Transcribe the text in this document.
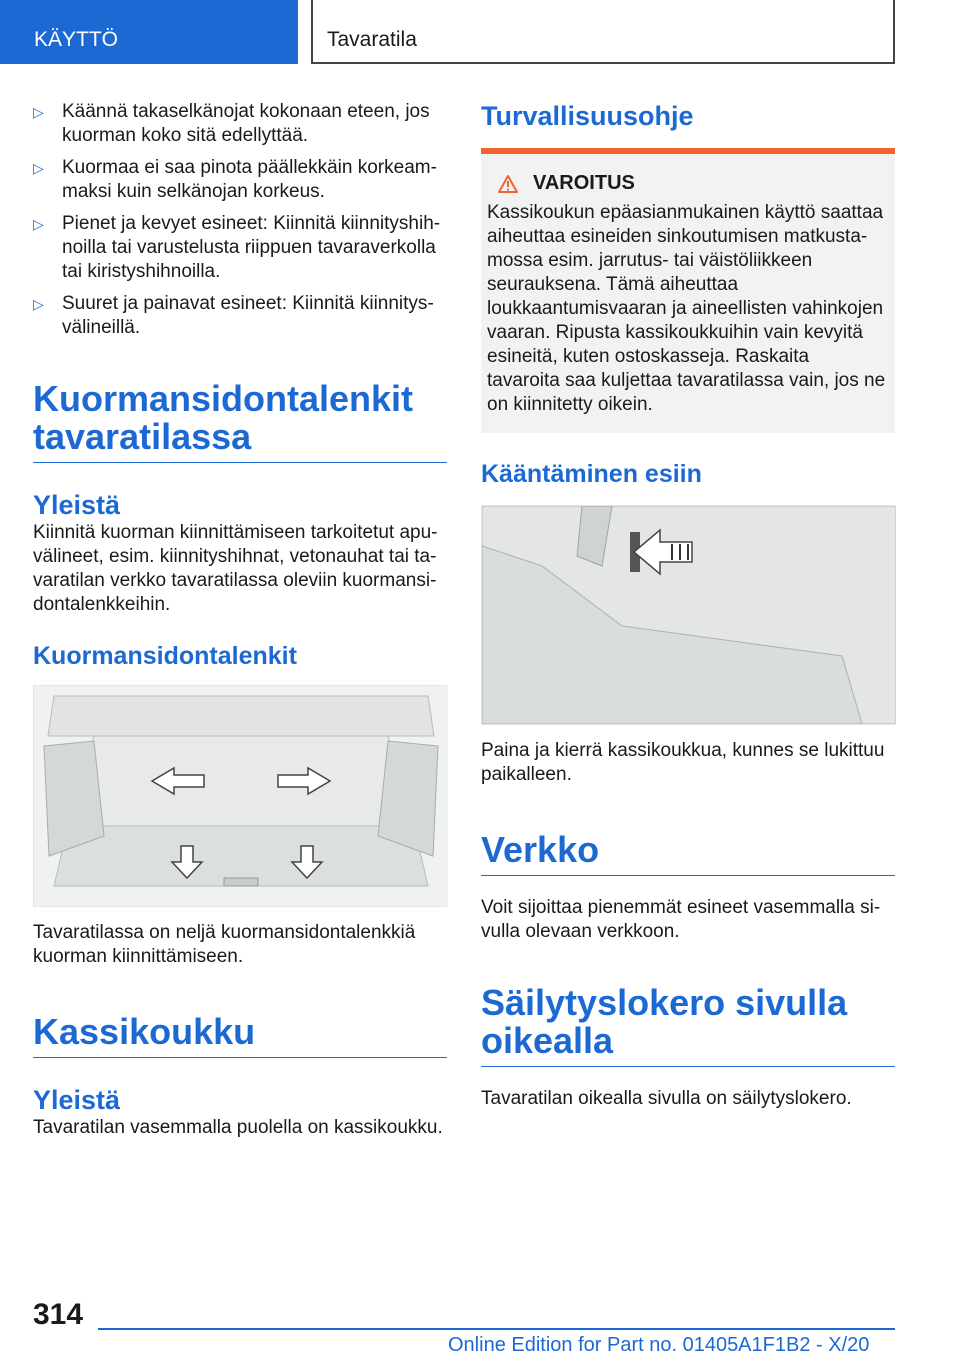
KÄYTTÖ	Tavaratila
▷ Käännä takaselkänojat kokonaan eteen, jos kuorman koko sitä edellyttää.
▷ Kuormaa ei saa pinota päällekkäin korkeammaksi kuin selkänojan korkeus.
▷ Pienet ja kevyet esineet: Kiinnitä kiinnityshihnoilla tai varustelusta riippuen tavaraverkolla tai kiristyshihnoilla.
▷ Suuret ja painavat esineet: Kiinnitä kiinnitysvälineillä.
Kuormansidontalenkit tavaratilassa
Yleistä

Kiinnitä kuorman kiinnittämiseen tarkoitetut apuvälineet, esim. kiinnityshihnat, vetonauhat tai tavaratilan verkko tavaratilassa oleviin kuormansidontalenkkeihin.

Kuormansidontalenkit

Tavaratilassa on neljä kuormansidontalenkkiä kuorman kiinnittämiseen.

Kassikoukku
Yleistä

Tavaratilan vasemmalla puolella on kassikoukku.

Turvallisuusohje
VAROITUS

Kassikoukun epäasianmukainen käyttö saattaa aiheuttaa esineiden sinkoutumisen matkustamossa esim. jarrutus- tai väistöliikkeen seurauksena. Tämä aiheuttaa loukkaantumisvaaran ja aineellisten vahinkojen vaaran. Ripusta kassikoukkuihin vain kevyitä esineitä, kuten ostoskasseja. Raskaita tavaroita saa kuljettaa tavaratilassa vain, jos ne on kiinnitetty oikein.

Kääntäminen esiin

Paina ja kierrä kassikoukkua, kunnes se lukittuu paikalleen.

Verkko

Voit sijoittaa pienemmät esineet vasemmalla sivulla olevaan verkkoon.

Säilytyslokero sivulla oikealla

Tavaratilan oikealla sivulla on säilytyslokero.

314
Online Edition for Part no. 01405A1F1B2 - X/20
